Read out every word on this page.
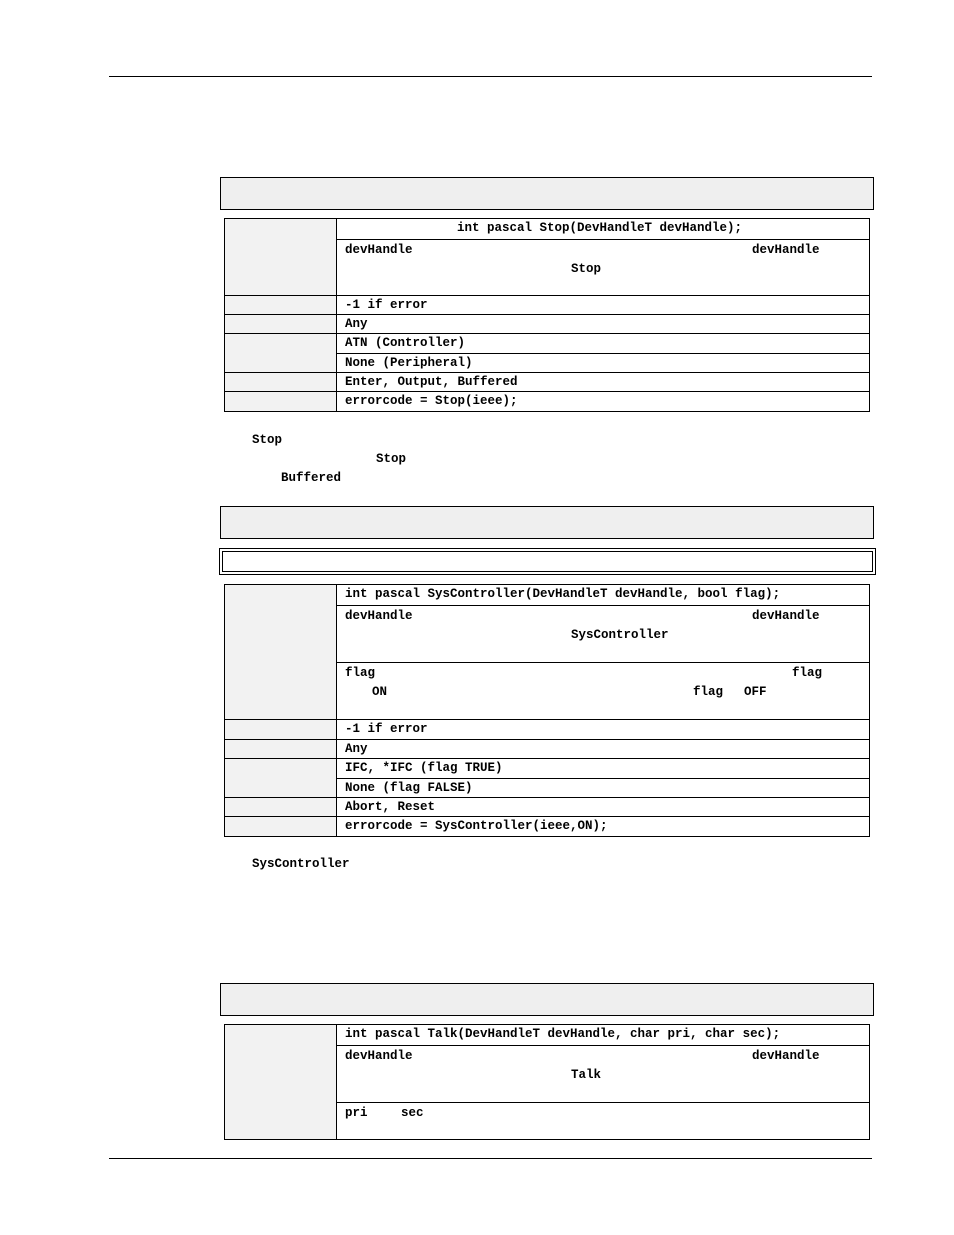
int pascal Stop(DevHandleT devHandle);
devHandle	devHandle
Stop
-1 if error
Any
ATN (Controller)
None (Peripheral)
Enter, Output, Buffered
errorcode = Stop(ieee);
Stop
Stop
Buffered
int pascal SysController(DevHandleT devHandle, bool flag);
devHandle	devHandle
SysController
flag	flag
ON	flag OFF
-1 if error
Any
IFC, *IFC (flag TRUE)
None (flag FALSE)
Abort, Reset
errorcode = SysController(ieee,ON);
SysController
int pascal Talk(DevHandleT devHandle, char pri, char sec);
devHandle	devHandle
Talk
pri	sec
